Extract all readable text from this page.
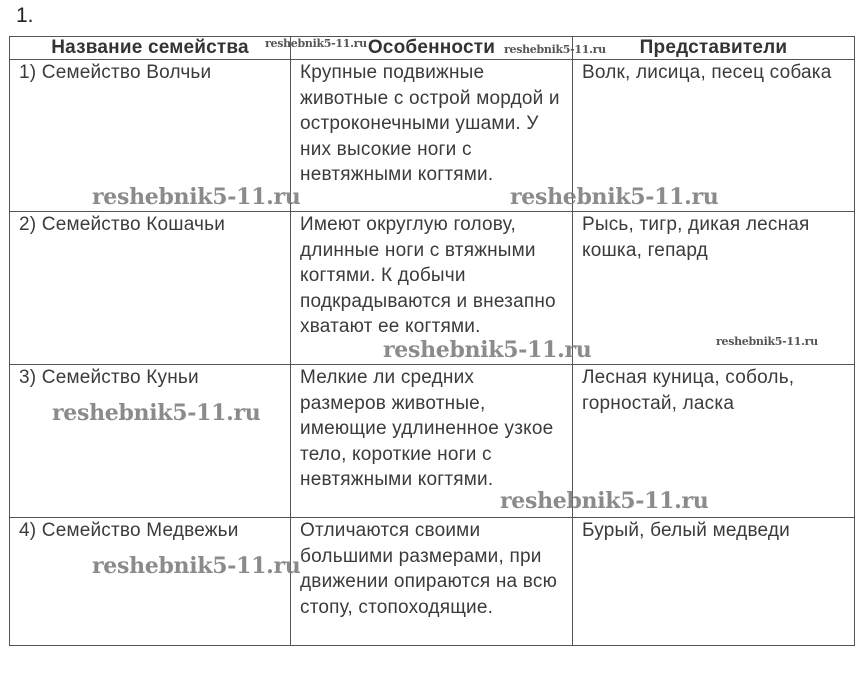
1.
Название семейства	Особенности	Представители
1) Семейство Волчьи	Крупные подвижные животные с острой мордой и остроконечными ушами. У них высокие ноги с невтяжными когтями.	Волк, лисица, песец собака
2) Семейство Кошачьи	Имеют округлую голову, длинные ноги с втяжными когтями. К добычи подкрадываются и внезапно хватают ее когтями.	Рысь, тигр, дикая лесная кошка, гепард
3) Семейство Куньи	Мелкие ли средних размеров животные, имеющие удлиненное узкое тело, короткие ноги с невтяжными когтями.	Лесная куница, соболь, горностай, ласка
4) Семейство Медвежьи	Отличаются своими большими размерами, при движении опираются на всю стопу, стопоходящие.	Бурый, белый медведи
reshebnik5-11.ru	reshebnik5-11.ru
reshebnik5-11.ru	reshebnik5-11.ru
reshebnik5-11.ru	reshebnik5-11.ru
reshebnik5-11.ru
reshebnik5-11.ru
reshebnik5-11.ru
